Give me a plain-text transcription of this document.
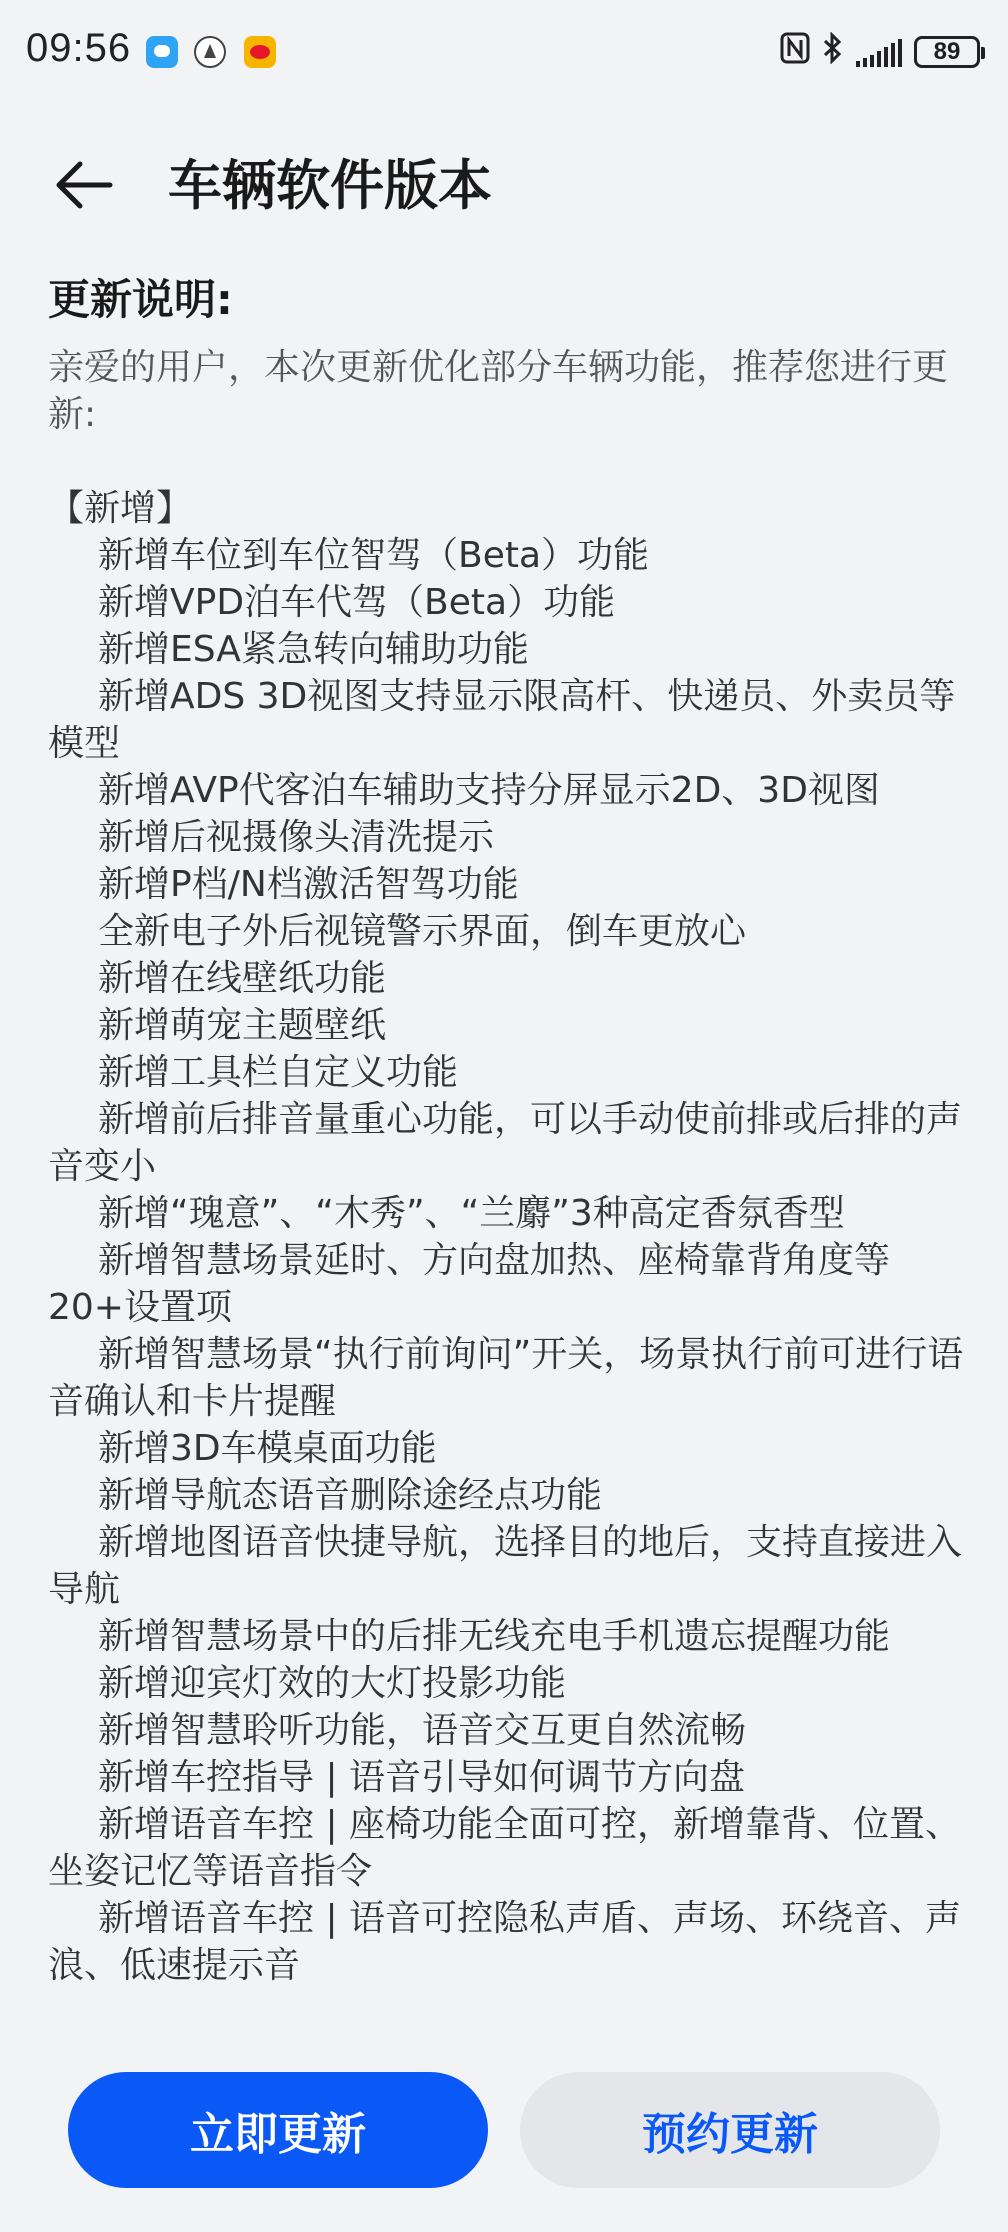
09:56	89
车辆软件版本
更新说明:

亲爱的用户，本次更新优化部分车辆功能，推荐您进行更新:

【新增】
新增车位到车位智驾（Beta）功能
新增VPD泊车代驾（Beta）功能
新增ESA紧急转向辅助功能
新增ADS 3D视图支持显示限高杆、快递员、外卖员等模型
新增AVP代客泊车辅助支持分屏显示2D、3D视图
新增后视摄像头清洗提示
新增P档/N档激活智驾功能
全新电子外后视镜警示界面，倒车更放心
新增在线壁纸功能
新增萌宠主题壁纸
新增工具栏自定义功能
新增前后排音量重心功能，可以手动使前排或后排的声音变小
新增“瑰意”、“木秀”、“兰麝”3种高定香氛香型
新增智慧场景延时、方向盘加热、座椅靠背角度等20+设置项
新增智慧场景“执行前询问”开关，场景执行前可进行语音确认和卡片提醒
新增3D车模桌面功能
新增导航态语音删除途经点功能
新增地图语音快捷导航，选择目的地后，支持直接进入导航
新增智慧场景中的后排无线充电手机遗忘提醒功能
新增迎宾灯效的大灯投影功能
新增智慧聆听功能，语音交互更自然流畅
新增车控指导 | 语音引导如何调节方向盘
新增语音车控 | 座椅功能全面可控，新增靠背、位置、坐姿记忆等语音指令
新增语音车控 | 语音可控隐私声盾、声场、环绕音、声浪、低速提示音
立即更新	预约更新
